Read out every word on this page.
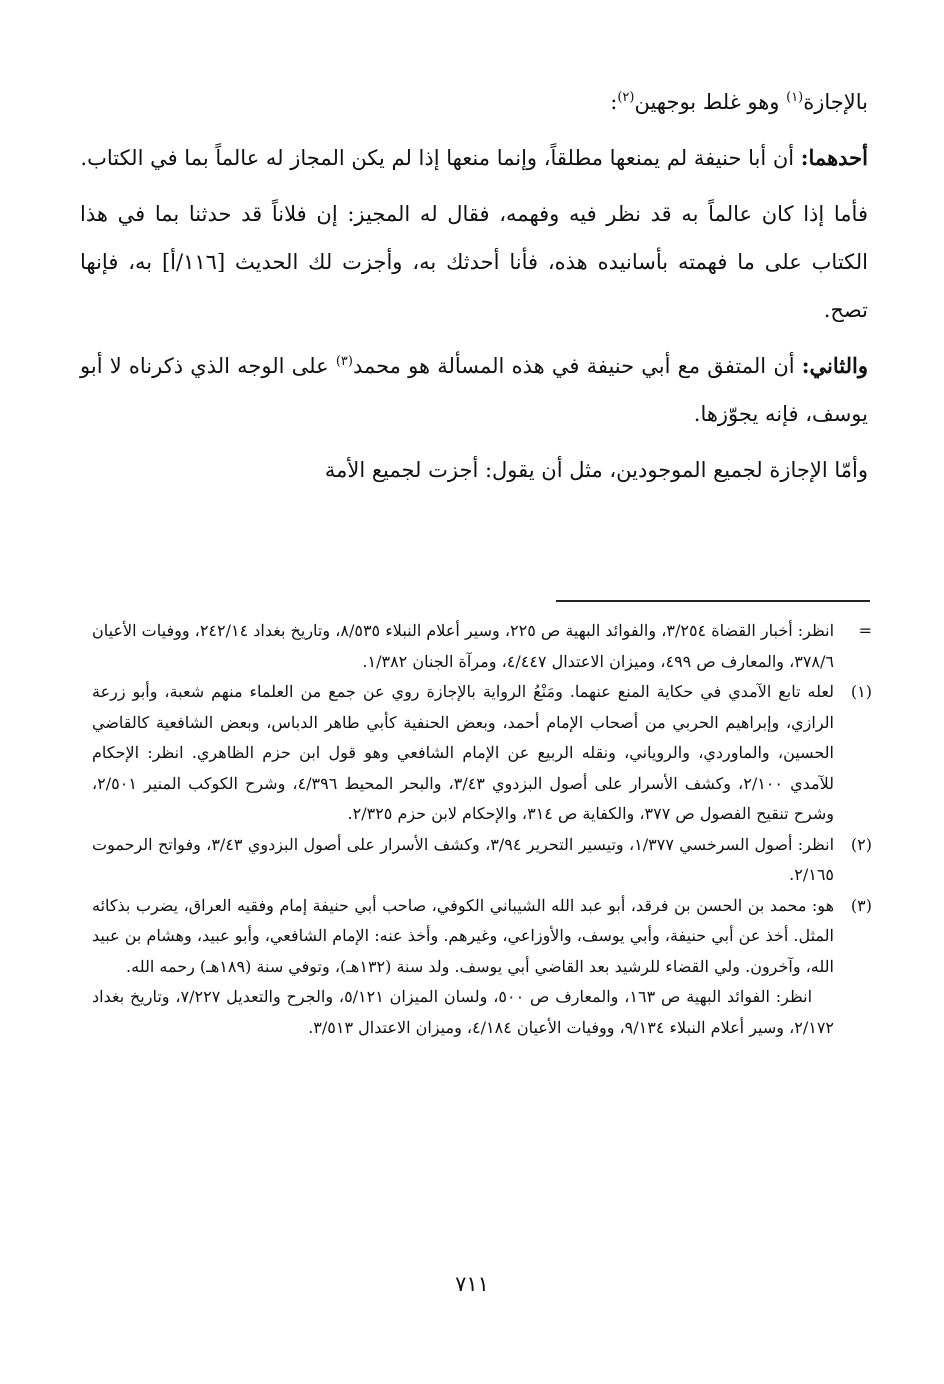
بالإجازة$^{(١)}$ وهو غلط بوجهين$^{(٢)}$:

أحدهما: أن أبا حنيفة لم يمنعها مطلقاً، وإنما منعها إذا لم يكن المجاز له عالماً بما في الكتاب.

فأما إذا كان عالماً به قد نظر فيه وفهمه، فقال له المجيز: إن فلاناً قد حدثنا بما في هذا الكتاب على ما فهمته بأسانيده هذه، فأنا أحدثك به، وأجزت لك الحديث [١١٦/أ] به، فإنها تصح.

والثاني: أن المتفق مع أبي حنيفة في هذه المسألة هو محمد$^{(٣)}$ على الوجه الذي ذكرناه لا أبو يوسف، فإنه يجوّزها.

وأمّا الإجازة لجميع الموجودين، مثل أن يقول: أجزت لجميع الأمة

=

انظر: أخبار القضاة ٣/٢٥٤، والفوائد البهية ص ٢٢٥، وسير أعلام النبلاء ٨/٥٣٥، وتاريخ بغداد ٢٤٢/١٤، ووفيات الأعيان ٣٧٨/٦، والمعارف ص ٤٩٩، وميزان الاعتدال ٤/٤٤٧، ومرآة الجنان ١/٣٨٢.

(١)

لعله تابع الآمدي في حكاية المنع عنهما. ومَنْعُ الرواية بالإجازة روي عن جمع من العلماء منهم شعبة، وأبو زرعة الرازي، وإبراهيم الحربي من أصحاب الإمام أحمد، وبعض الحنفية كأبي طاهر الدباس، وبعض الشافعية كالقاضي الحسين، والماوردي، والروياني، ونقله الربيع عن الإمام الشافعي وهو قول ابن حزم الظاهري. انظر: الإحكام للآمدي ٢/١٠٠، وكشف الأسرار على أصول البزدوي ٣/٤٣، والبحر المحيط ٤/٣٩٦، وشرح الكوكب المنير ٢/٥٠١، وشرح تنقيح الفصول ص ٣٧٧، والكفاية ص ٣١٤، والإحكام لابن حزم ٢/٣٢٥.

(٢)

انظر: أصول السرخسي ١/٣٧٧، وتيسير التحرير ٣/٩٤، وكشف الأسرار على أصول البزدوي ٣/٤٣، وفواتح الرحموت ٢/١٦٥.

(٣)

هو: محمد بن الحسن بن فرقد، أبو عبد الله الشيباني الكوفي، صاحب أبي حنيفة إمام وفقيه العراق، يضرب بذكائه المثل. أخذ عن أبي حنيفة، وأبي يوسف، والأوزاعي، وغيرهم. وأخذ عنه: الإمام الشافعي، وأبو عبيد، وهشام بن عبيد الله، وآخرون. ولي القضاء للرشيد بعد القاضي أبي يوسف. ولد سنة (١٣٢هـ)، وتوفي سنة (١٨٩هـ) رحمه الله.

انظر: الفوائد البهية ص ١٦٣، والمعارف ص ٥٠٠، ولسان الميزان ٥/١٢١، والجرح والتعديل ٧/٢٢٧، وتاريخ بغداد ٢/١٧٢، وسير أعلام النبلاء ٩/١٣٤، ووفيات الأعيان ٤/١٨٤، وميزان الاعتدال ٣/٥١٣.

٧١١
